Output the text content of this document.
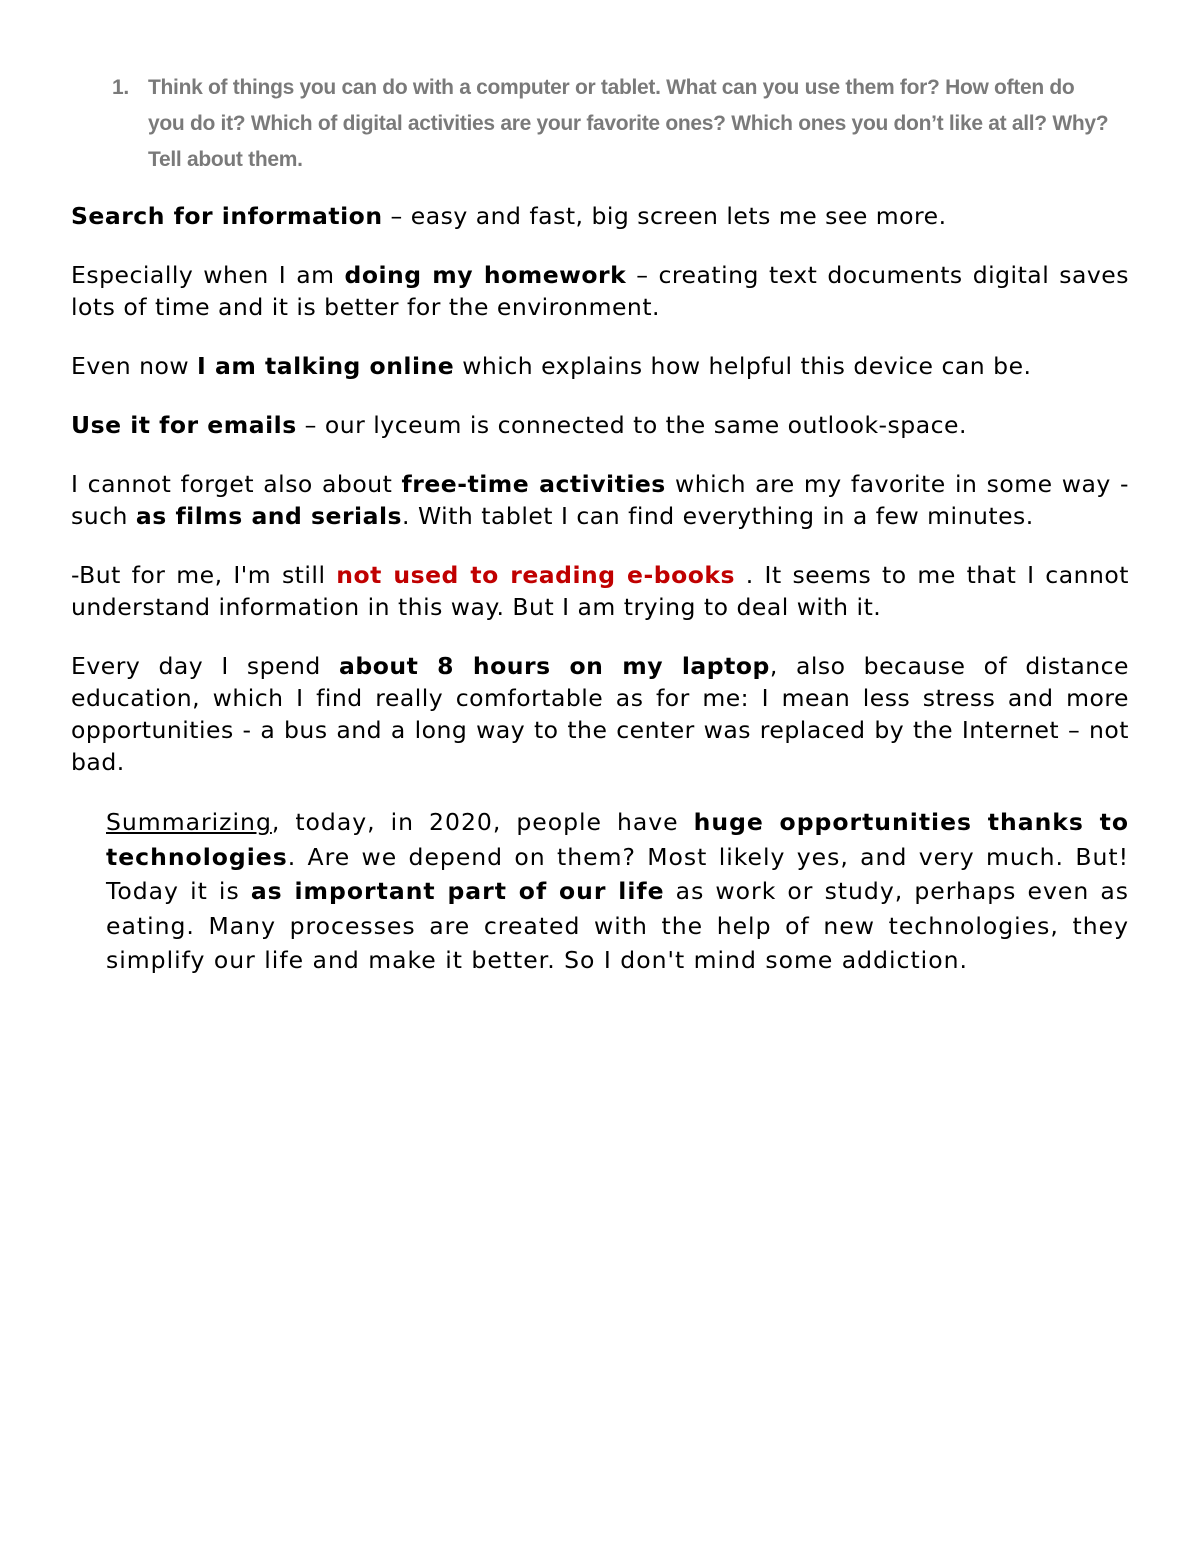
1. Think of things you can do with a computer or tablet. What can you use them for? How often do you do it? Which of digital activities are your favorite ones? Which ones you don’t like at all? Why? Tell about them.

Search for information – easy and fast, big screen lets me see more.

Especially when I am doing my homework – creating text documents digital saves lots of time and it is better for the environment.

Even now I am talking online which explains how helpful this device can be.

Use it for emails – our lyceum is connected to the same outlook-space.

I cannot forget also about free-time activities which are my favorite in some way - such as films and serials. With tablet I can find everything in a few minutes.

-But for me, I'm still not used to reading e-books . It seems to me that I cannot understand information in this way. But I am trying to deal with it.

Every day I spend about 8 hours on my laptop, also because of distance education, which I find really comfortable as for me: I mean less stress and more opportunities - a bus and a long way to the center was replaced by the Internet – not bad.

Summarizing, today, in 2020, people have huge opportunities thanks to technologies. Are we depend on them? Most likely yes, and very much. But! Today it is as important part of our life as work or study, perhaps even as eating. Many processes are created with the help of new technologies, they simplify our life and make it better. So I don't mind some addiction.
